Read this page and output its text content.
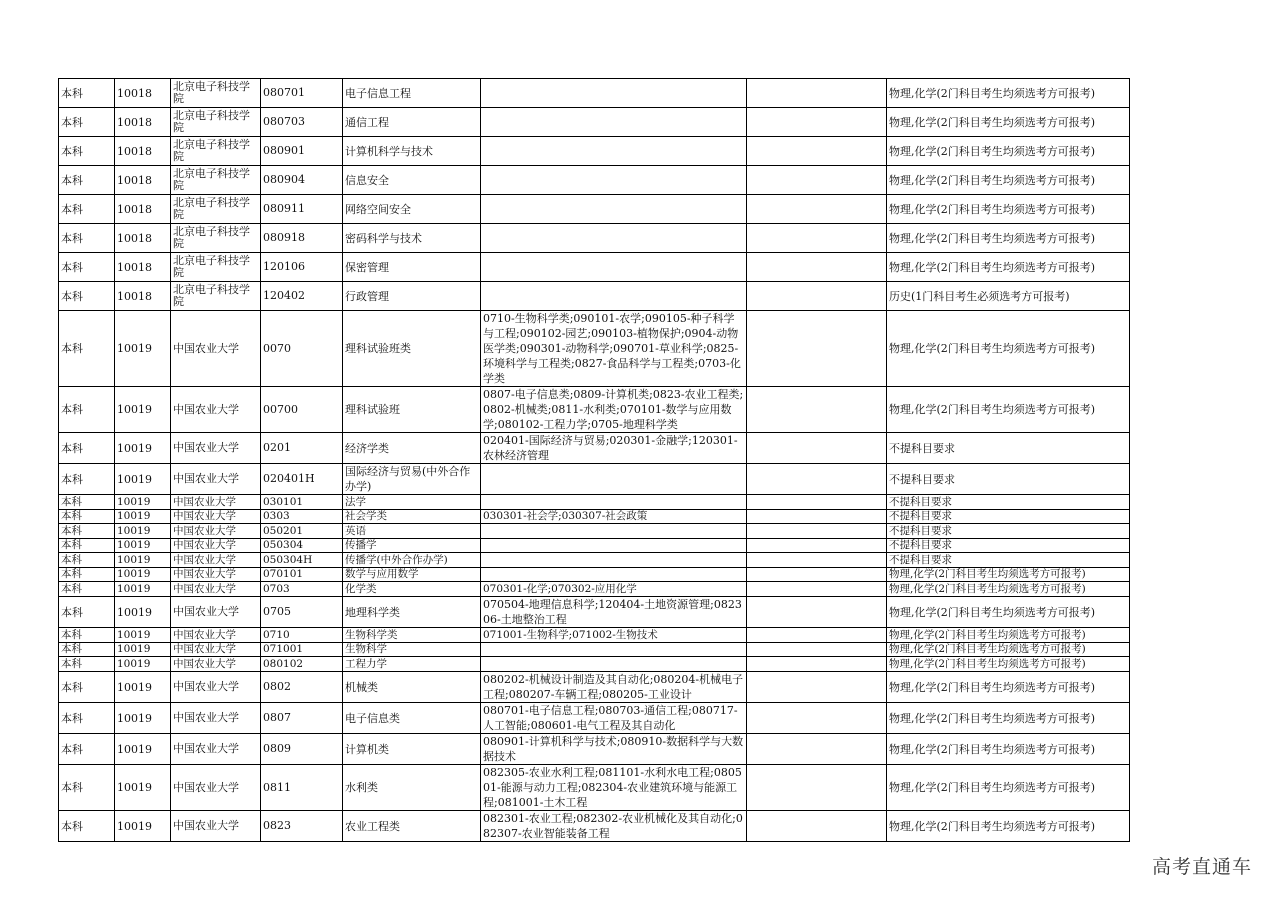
本科	10018	北京电子科技学院	080701	电子信息工程			物理,化学(2门科目考生均须选考方可报考)
本科	10018	北京电子科技学院	080703	通信工程			物理,化学(2门科目考生均须选考方可报考)
本科	10018	北京电子科技学院	080901	计算机科学与技术			物理,化学(2门科目考生均须选考方可报考)
本科	10018	北京电子科技学院	080904	信息安全			物理,化学(2门科目考生均须选考方可报考)
本科	10018	北京电子科技学院	080911	网络空间安全			物理,化学(2门科目考生均须选考方可报考)
本科	10018	北京电子科技学院	080918	密码科学与技术			物理,化学(2门科目考生均须选考方可报考)
本科	10018	北京电子科技学院	120106	保密管理			物理,化学(2门科目考生均须选考方可报考)
本科	10018	北京电子科技学院	120402	行政管理			历史(1门科目考生必须选考方可报考)
本科	10019	中国农业大学	0070	理科试验班类	0710-生物科学类;090101-农学;090105-种子科学与工程;090102-园艺;090103-植物保护;0904-动物医学类;090301-动物科学;090701-草业科学;0825-环境科学与工程类;0827-食品科学与工程类;0703-化学类		物理,化学(2门科目考生均须选考方可报考)
本科	10019	中国农业大学	00700	理科试验班	0807-电子信息类;0809-计算机类;0823-农业工程类;0802-机械类;0811-水利类;070101-数学与应用数学;080102-工程力学;0705-地理科学类		物理,化学(2门科目考生均须选考方可报考)
本科	10019	中国农业大学	0201	经济学类	020401-国际经济与贸易;020301-金融学;120301-农林经济管理		不提科目要求
本科	10019	中国农业大学	020401H	国际经济与贸易(中外合作办学)			不提科目要求
本科	10019	中国农业大学	030101	法学			不提科目要求
本科	10019	中国农业大学	0303	社会学类	030301-社会学;030307-社会政策		不提科目要求
本科	10019	中国农业大学	050201	英语			不提科目要求
本科	10019	中国农业大学	050304	传播学			不提科目要求
本科	10019	中国农业大学	050304H	传播学(中外合作办学)			不提科目要求
本科	10019	中国农业大学	070101	数学与应用数学			物理,化学(2门科目考生均须选考方可报考)
本科	10019	中国农业大学	0703	化学类	070301-化学;070302-应用化学		物理,化学(2门科目考生均须选考方可报考)
本科	10019	中国农业大学	0705	地理科学类	070504-地理信息科学;120404-土地资源管理;082306-土地整治工程		物理,化学(2门科目考生均须选考方可报考)
本科	10019	中国农业大学	0710	生物科学类	071001-生物科学;071002-生物技术		物理,化学(2门科目考生均须选考方可报考)
本科	10019	中国农业大学	071001	生物科学			物理,化学(2门科目考生均须选考方可报考)
本科	10019	中国农业大学	080102	工程力学			物理,化学(2门科目考生均须选考方可报考)
本科	10019	中国农业大学	0802	机械类	080202-机械设计制造及其自动化;080204-机械电子工程;080207-车辆工程;080205-工业设计		物理,化学(2门科目考生均须选考方可报考)
本科	10019	中国农业大学	0807	电子信息类	080701-电子信息工程;080703-通信工程;080717-人工智能;080601-电气工程及其自动化		物理,化学(2门科目考生均须选考方可报考)
本科	10019	中国农业大学	0809	计算机类	080901-计算机科学与技术;080910-数据科学与大数据技术		物理,化学(2门科目考生均须选考方可报考)
本科	10019	中国农业大学	0811	水利类	082305-农业水利工程;081101-水利水电工程;080501-能源与动力工程;082304-农业建筑环境与能源工程;081001-土木工程		物理,化学(2门科目考生均须选考方可报考)
本科	10019	中国农业大学	0823	农业工程类	082301-农业工程;082302-农业机械化及其自动化;082307-农业智能装备工程		物理,化学(2门科目考生均须选考方可报考)
高考直通车
